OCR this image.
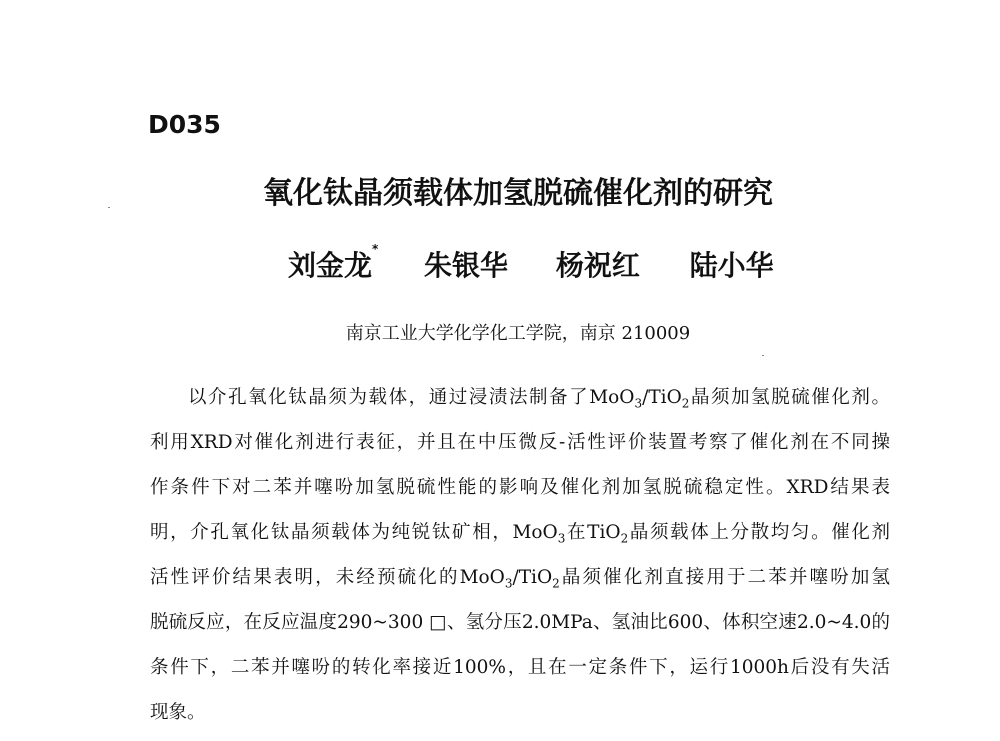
D035
氧化钛晶须载体加氢脱硫催化剂的研究
刘金龙* 朱银华 杨祝红 陆小华
南京工业大学化学化工学院，南京 210009
以介孔氧化钛晶须为载体，通过浸渍法制备了MoO$_3$/TiO$_2$晶须加氢脱硫催化剂。
利用XRD对催化剂进行表征，并且在中压微反-活性评价装置考察了催化剂在不同操
作条件下对二苯并噻吩加氢脱硫性能的影响及催化剂加氢脱硫稳定性。XRD结果表
明，介孔氧化钛晶须载体为纯锐钛矿相，MoO$_3$在TiO$_2$晶须载体上分散均匀。催化剂
活性评价结果表明，未经预硫化的MoO$_3$/TiO$_2$晶须催化剂直接用于二苯并噻吩加氢
脱硫反应，在反应温度290~300 □、氢分压2.0MPa、氢油比600、体积空速2.0~4.0的
条件下，二苯并噻吩的转化率接近100%，且在一定条件下，运行1000h后没有失活
现象。
